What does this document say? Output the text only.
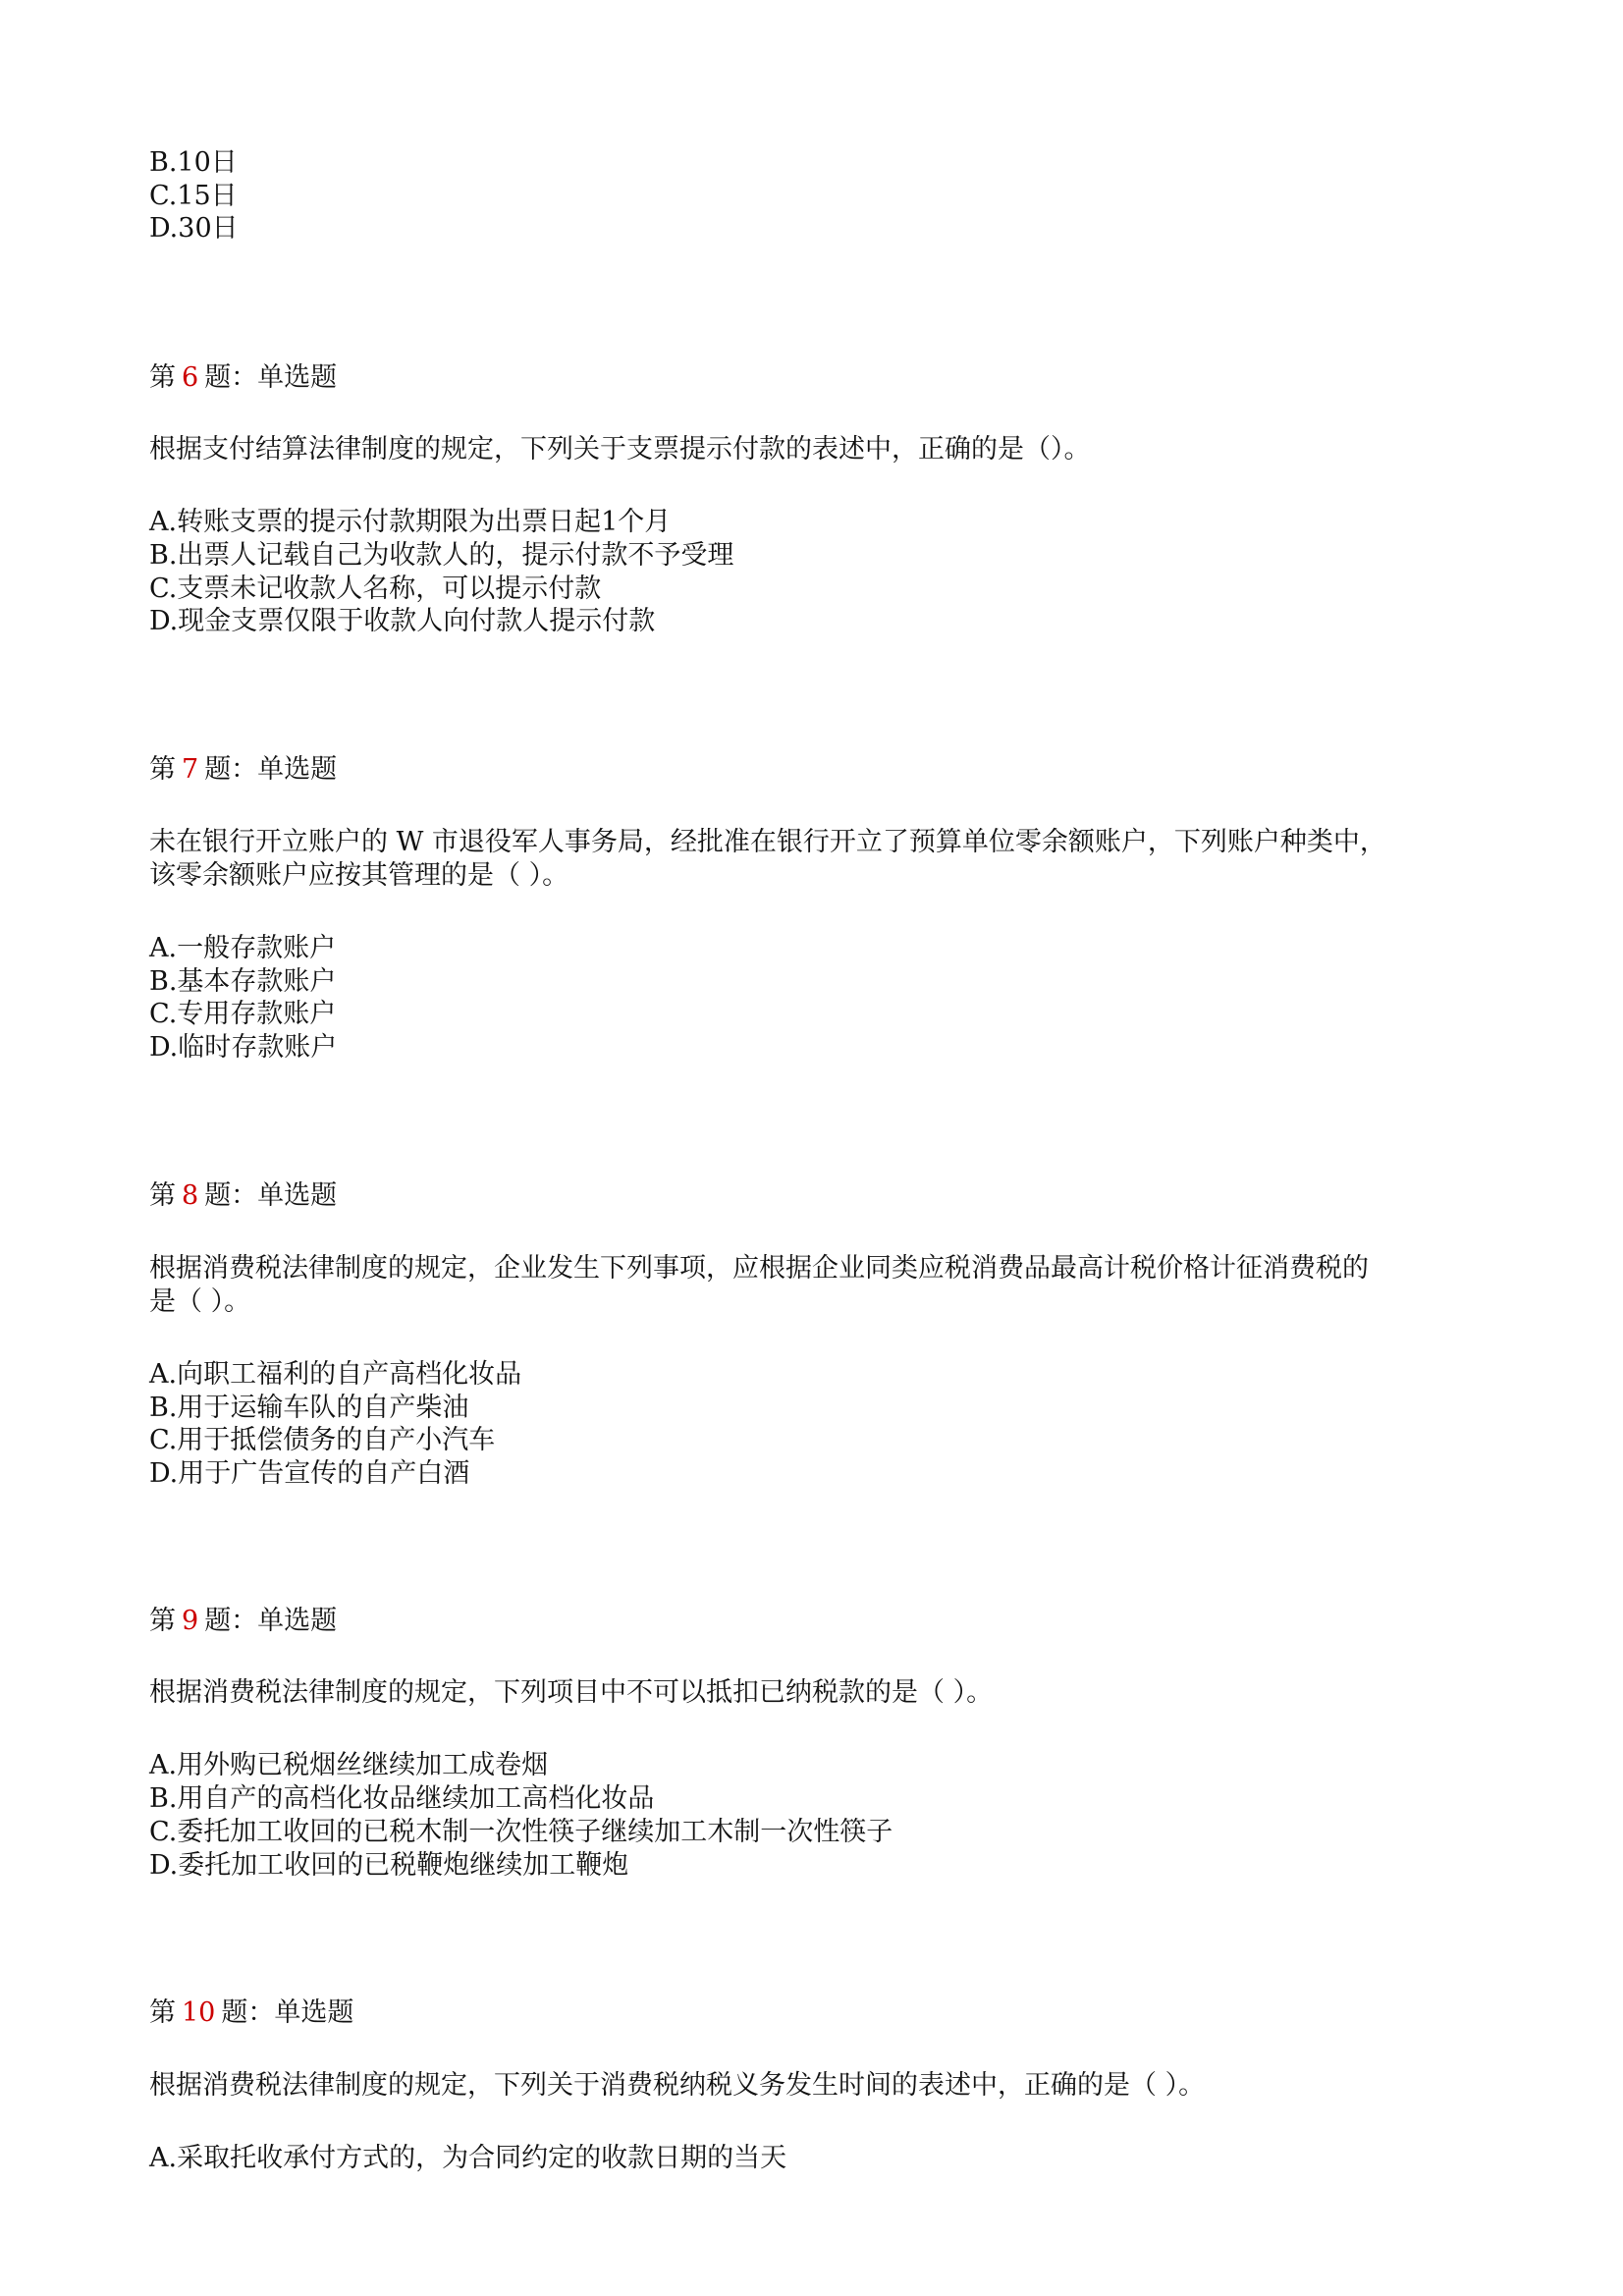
B.10日
C.15日
D.30日
第 6 题：单选题
根据支付结算法律制度的规定，下列关于支票提示付款的表述中，正确的是（）。
A.转账支票的提示付款期限为出票日起1个月
B.出票人记载自己为收款人的，提示付款不予受理
C.支票未记收款人名称，可以提示付款
D.现金支票仅限于收款人向付款人提示付款
第 7 题：单选题
未在银行开立账户的 W 市退役军人事务局，经批准在银行开立了预算单位零余额账户，下列账户种类中，
该零余额账户应按其管理的是（ ）。
A.一般存款账户
B.基本存款账户
C.专用存款账户
D.临时存款账户
第 8 题：单选题
根据消费税法律制度的规定，企业发生下列事项，应根据企业同类应税消费品最高计税价格计征消费税的
是（ ）。
A.向职工福利的自产高档化妆品
B.用于运输车队的自产柴油
C.用于抵偿债务的自产小汽车
D.用于广告宣传的自产白酒
第 9 题：单选题
根据消费税法律制度的规定，下列项目中不可以抵扣已纳税款的是（ ）。
A.用外购已税烟丝继续加工成卷烟
B.用自产的高档化妆品继续加工高档化妆品
C.委托加工收回的已税木制一次性筷子继续加工木制一次性筷子
D.委托加工收回的已税鞭炮继续加工鞭炮
第 10 题：单选题
根据消费税法律制度的规定，下列关于消费税纳税义务发生时间的表述中，正确的是（ ）。
A.采取托收承付方式的，为合同约定的收款日期的当天
